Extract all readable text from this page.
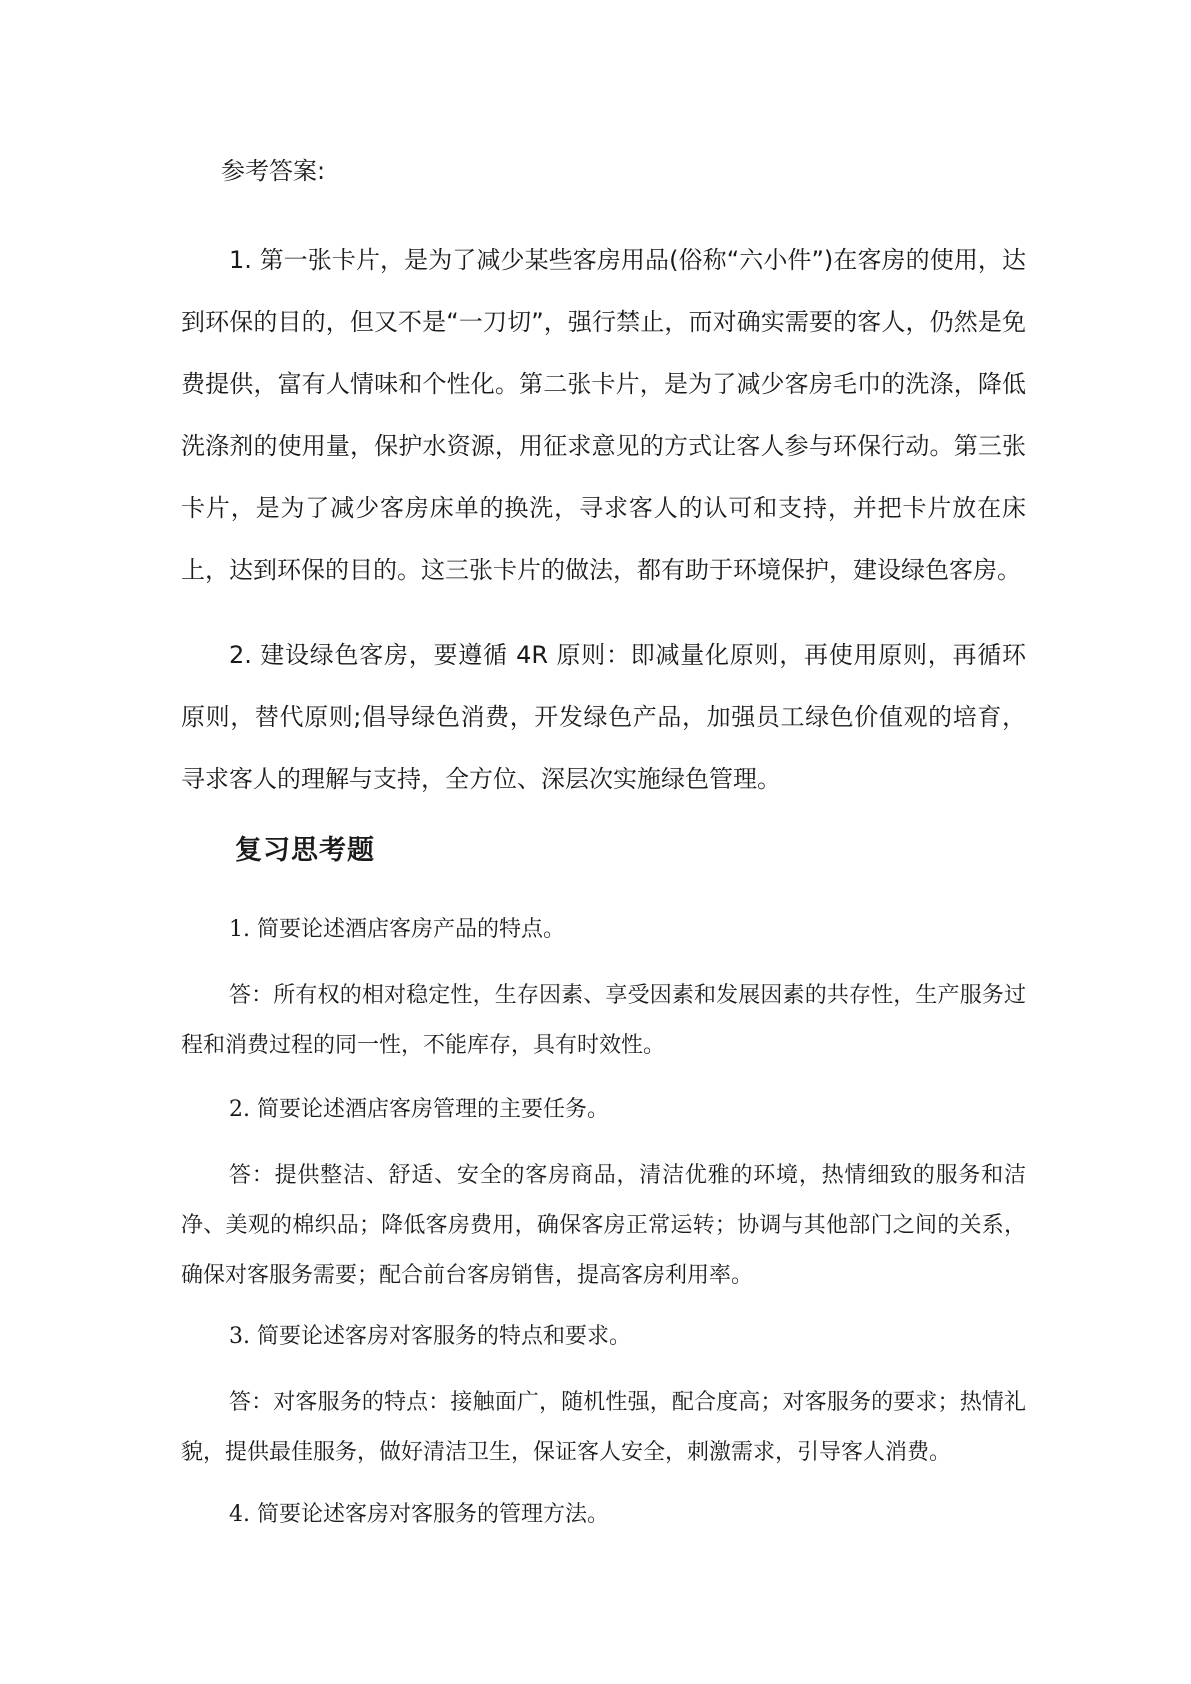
参考答案:

1. 第一张卡片，是为了减少某些客房用品(俗称“六小件”)在客房的使用，达到环保的目的，但又不是“一刀切”，强行禁止，而对确实需要的客人，仍然是免费提供，富有人情味和个性化。第二张卡片，是为了减少客房毛巾的洗涤，降低洗涤剂的使用量，保护水资源，用征求意见的方式让客人参与环保行动。第三张卡片，是为了减少客房床单的换洗，寻求客人的认可和支持，并把卡片放在床上，达到环保的目的。这三张卡片的做法，都有助于环境保护，建设绿色客房。

2. 建设绿色客房，要遵循 4R 原则：即减量化原则，再使用原则，再循环原则，替代原则;倡导绿色消费，开发绿色产品，加强员工绿色价值观的培育，寻求客人的理解与支持，全方位、深层次实施绿色管理。

复习思考题

1. 简要论述酒店客房产品的特点。

答：所有权的相对稳定性，生存因素、享受因素和发展因素的共存性，生产服务过程和消费过程的同一性，不能库存，具有时效性。

2. 简要论述酒店客房管理的主要任务。

答：提供整洁、舒适、安全的客房商品，清洁优雅的环境，热情细致的服务和洁净、美观的棉织品；降低客房费用，确保客房正常运转；协调与其他部门之间的关系，确保对客服务需要；配合前台客房销售，提高客房利用率。

3. 简要论述客房对客服务的特点和要求。

答：对客服务的特点：接触面广，随机性强，配合度高；对客服务的要求；热情礼貌，提供最佳服务，做好清洁卫生，保证客人安全，刺激需求，引导客人消费。

4. 简要论述客房对客服务的管理方法。
